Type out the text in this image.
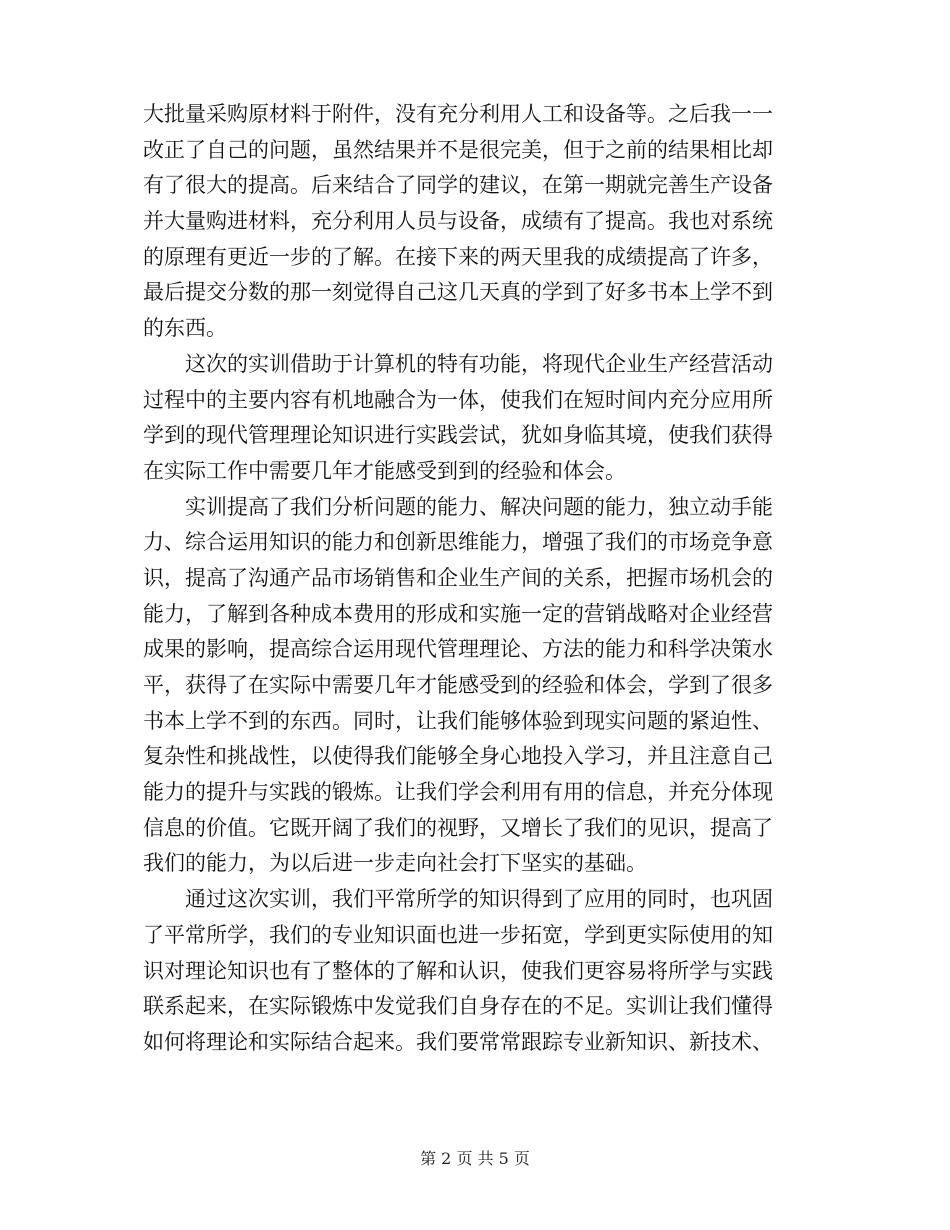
大批量采购原材料于附件，没有充分利用人工和设备等。之后我一一
改正了自己的问题，虽然结果并不是很完美，但于之前的结果相比却
有了很大的提高。后来结合了同学的建议，在第一期就完善生产设备
并大量购进材料，充分利用人员与设备，成绩有了提高。我也对系统
的原理有更近一步的了解。在接下来的两天里我的成绩提高了许多，
最后提交分数的那一刻觉得自己这几天真的学到了好多书本上学不到
的东西。
　　这次的实训借助于计算机的特有功能，将现代企业生产经营活动
过程中的主要内容有机地融合为一体，使我们在短时间内充分应用所
学到的现代管理理论知识进行实践尝试，犹如身临其境，使我们获得
在实际工作中需要几年才能感受到到的经验和体会。
　　实训提高了我们分析问题的能力、解决问题的能力，独立动手能
力、综合运用知识的能力和创新思维能力，增强了我们的市场竞争意
识，提高了沟通产品市场销售和企业生产间的关系，把握市场机会的
能力，了解到各种成本费用的形成和实施一定的营销战略对企业经营
成果的影响，提高综合运用现代管理理论、方法的能力和科学决策水
平，获得了在实际中需要几年才能感受到的经验和体会，学到了很多
书本上学不到的东西。同时，让我们能够体验到现实问题的紧迫性、
复杂性和挑战性，以使得我们能够全身心地投入学习，并且注意自己
能力的提升与实践的锻炼。让我们学会利用有用的信息，并充分体现
信息的价值。它既开阔了我们的视野，又增长了我们的见识，提高了
我们的能力，为以后进一步走向社会打下坚实的基础。
　　通过这次实训，我们平常所学的知识得到了应用的同时，也巩固
了平常所学，我们的专业知识面也进一步拓宽，学到更实际使用的知
识对理论知识也有了整体的了解和认识，使我们更容易将所学与实践
联系起来，在实际锻炼中发觉我们自身存在的不足。实训让我们懂得
如何将理论和实际结合起来。我们要常常跟踪专业新知识、新技术、
第 2 页 共 5 页
